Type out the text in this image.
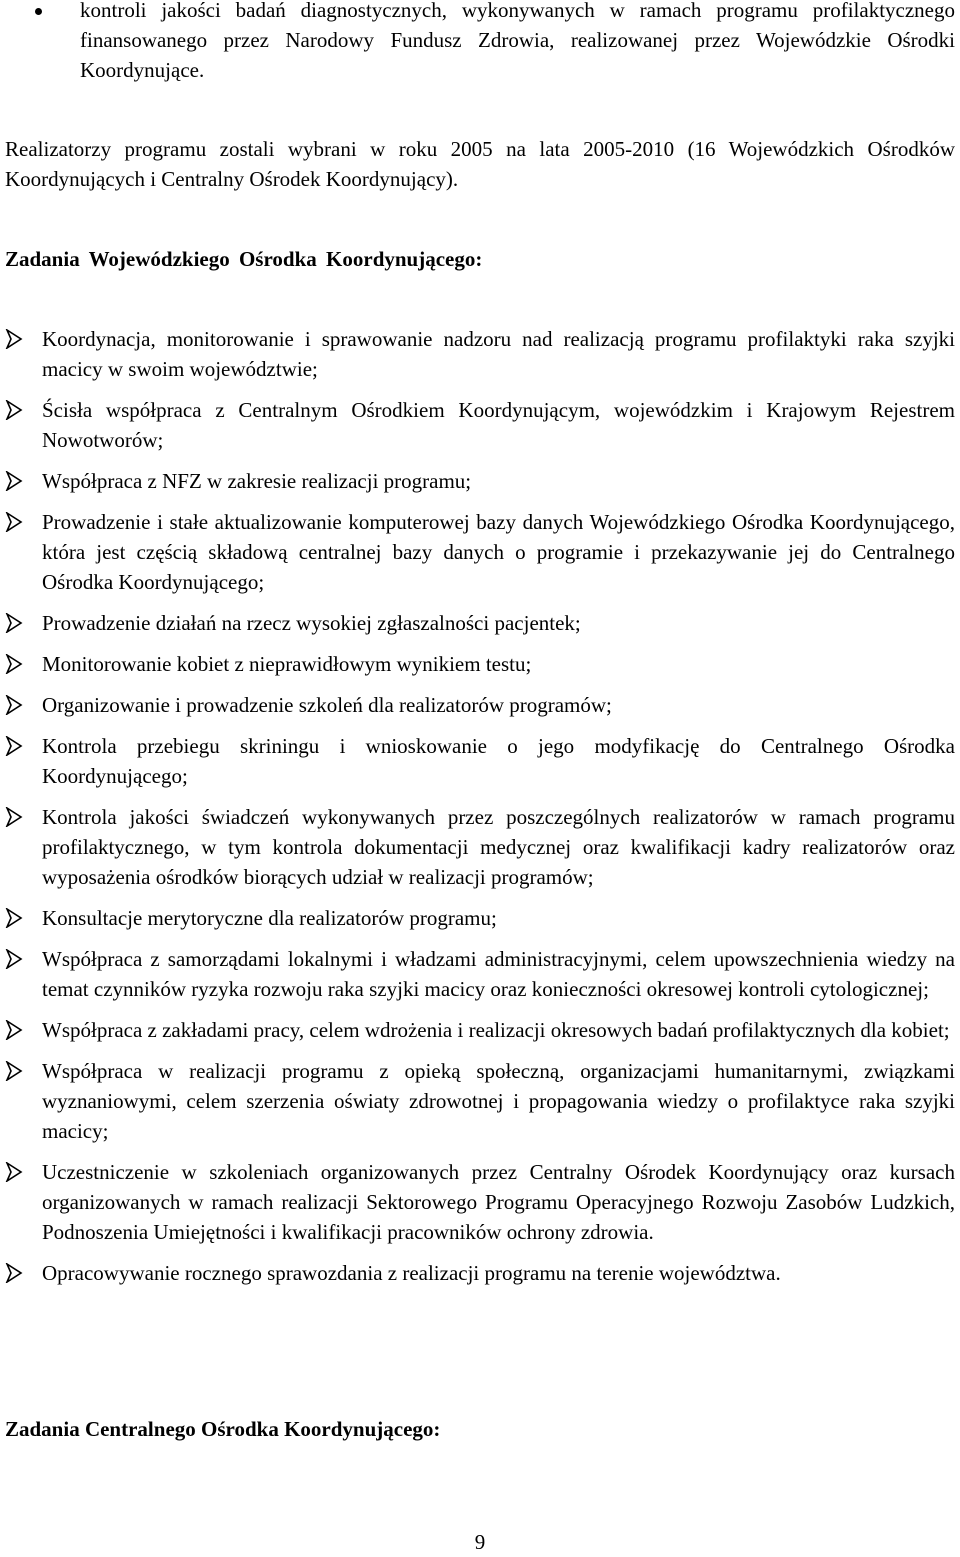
kontroli jakości badań diagnostycznych, wykonywanych w ramach programu profilaktycznego finansowanego przez Narodowy Fundusz Zdrowia, realizowanej przez Wojewódzkie Ośrodki Koordynujące.
Realizatorzy programu zostali wybrani w roku 2005 na lata 2005-2010 (16 Wojewódzkich Ośrodków Koordynujących i Centralny Ośrodek Koordynujący).
Zadania Wojewódzkiego Ośrodka Koordynującego:
Koordynacja, monitorowanie i sprawowanie nadzoru nad realizacją programu profilaktyki raka szyjki macicy w swoim województwie;
Ścisła współpraca z Centralnym Ośrodkiem Koordynującym, wojewódzkim i Krajowym Rejestrem Nowotworów;
Współpraca z NFZ w zakresie realizacji programu;
Prowadzenie i stałe aktualizowanie komputerowej bazy danych Wojewódzkiego Ośrodka Koordynującego, która jest częścią składową centralnej bazy danych o programie i przekazywanie jej do Centralnego Ośrodka Koordynującego;
Prowadzenie działań na rzecz wysokiej zgłaszalności pacjentek;
Monitorowanie kobiet z nieprawidłowym wynikiem testu;
Organizowanie i prowadzenie szkoleń dla realizatorów programów;
Kontrola przebiegu skriningu i wnioskowanie o jego modyfikację do Centralnego Ośrodka Koordynującego;
Kontrola jakości świadczeń wykonywanych przez poszczególnych realizatorów w ramach programu profilaktycznego, w tym kontrola dokumentacji medycznej oraz kwalifikacji kadry realizatorów oraz wyposażenia ośrodków biorących udział w realizacji programów;
Konsultacje merytoryczne dla realizatorów programu;
Współpraca z samorządami lokalnymi i władzami administracyjnymi, celem upowszechnienia wiedzy na temat czynników ryzyka rozwoju raka szyjki macicy oraz konieczności okresowej kontroli cytologicznej;
Współpraca z zakładami pracy, celem wdrożenia i realizacji okresowych badań profilaktycznych dla kobiet;
Współpraca w realizacji programu z opieką społeczną, organizacjami humanitarnymi, związkami wyznaniowymi, celem szerzenia oświaty zdrowotnej i propagowania wiedzy o profilaktyce raka szyjki macicy;
Uczestniczenie w szkoleniach organizowanych przez Centralny Ośrodek Koordynujący oraz kursach organizowanych w ramach realizacji Sektorowego Programu Operacyjnego Rozwoju Zasobów Ludzkich, Podnoszenia Umiejętności i kwalifikacji pracowników ochrony zdrowia.
Opracowywanie rocznego sprawozdania z realizacji programu na terenie województwa.
Zadania Centralnego Ośrodka Koordynującego:
9
